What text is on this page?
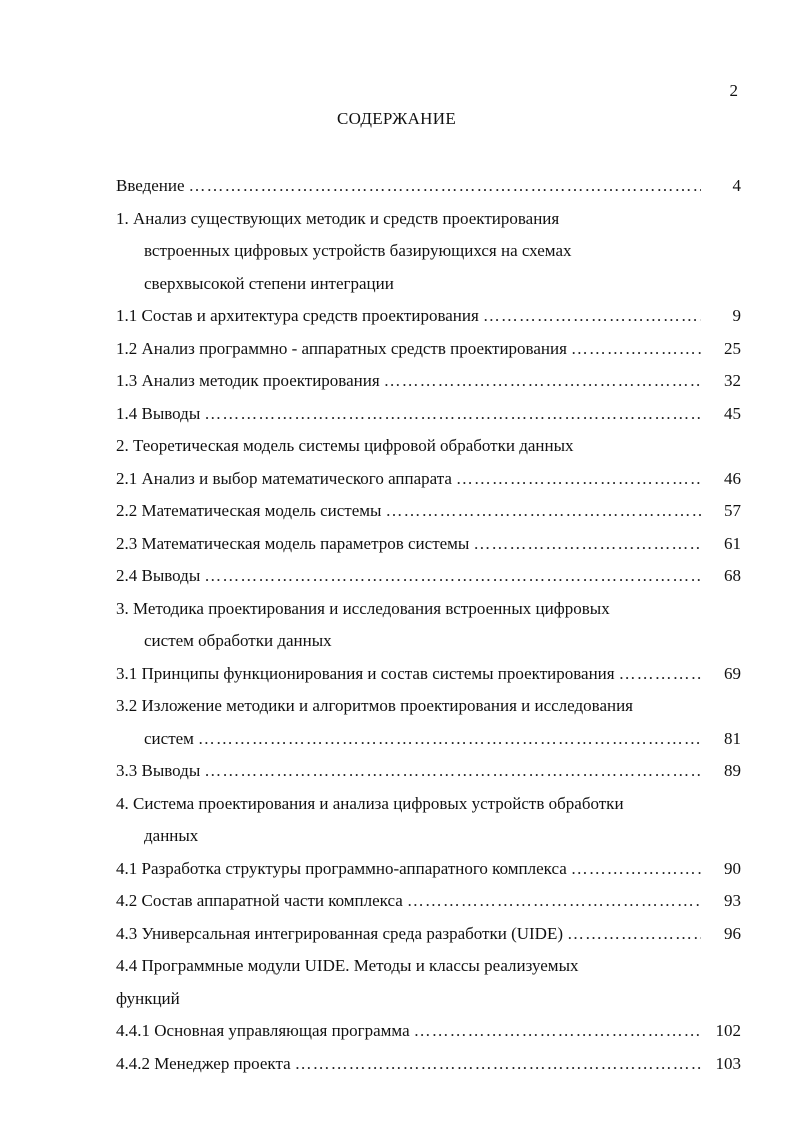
2
СОДЕРЖАНИЕ
Введение …………………………………………………………………………………………………………………………	4
1. Анализ существующих методик и средств проектирования
встроенных цифровых устройств базирующихся на схемах
сверхвысокой степени интеграции
1.1 Состав и архитектура средств проектирования …………………………………………………………………………………………………………………………	9
1.2 Анализ программно - аппаратных средств проектирования …………………………………………………………………………………………………………………………	25
1.3 Анализ методик проектирования …………………………………………………………………………………………………………………………	32
1.4 Выводы …………………………………………………………………………………………………………………………	45
2. Теоретическая модель системы цифровой обработки данных
2.1 Анализ и выбор математического аппарата …………………………………………………………………………………………………………………………	46
2.2 Математическая модель системы …………………………………………………………………………………………………………………………	57
2.3 Математическая модель параметров системы …………………………………………………………………………………………………………………………	61
2.4 Выводы …………………………………………………………………………………………………………………………	68
3. Методика проектирования и исследования встроенных цифровых
систем обработки данных
3.1 Принципы функционирования и состав системы проектирования …………………………………………………………………………………………………………………………	69
3.2 Изложение методики и алгоритмов проектирования и исследования
систем …………………………………………………………………………………………………………………………	81
3.3 Выводы …………………………………………………………………………………………………………………………	89
4. Система проектирования и анализа цифровых устройств обработки
данных
4.1 Разработка структуры программно-аппаратного комплекса …………………………………………………………………………………………………………………………	90
4.2 Состав аппаратной части комплекса …………………………………………………………………………………………………………………………	93
4.3 Универсальная интегрированная среда разработки (UIDE) …………………………………………………………………………………………………………………………	96
4.4 Программные модули UIDE. Методы и классы реализуемых
функций
4.4.1 Основная управляющая программа …………………………………………………………………………………………………………………………	102
4.4.2 Менеджер проекта …………………………………………………………………………………………………………………………	103
